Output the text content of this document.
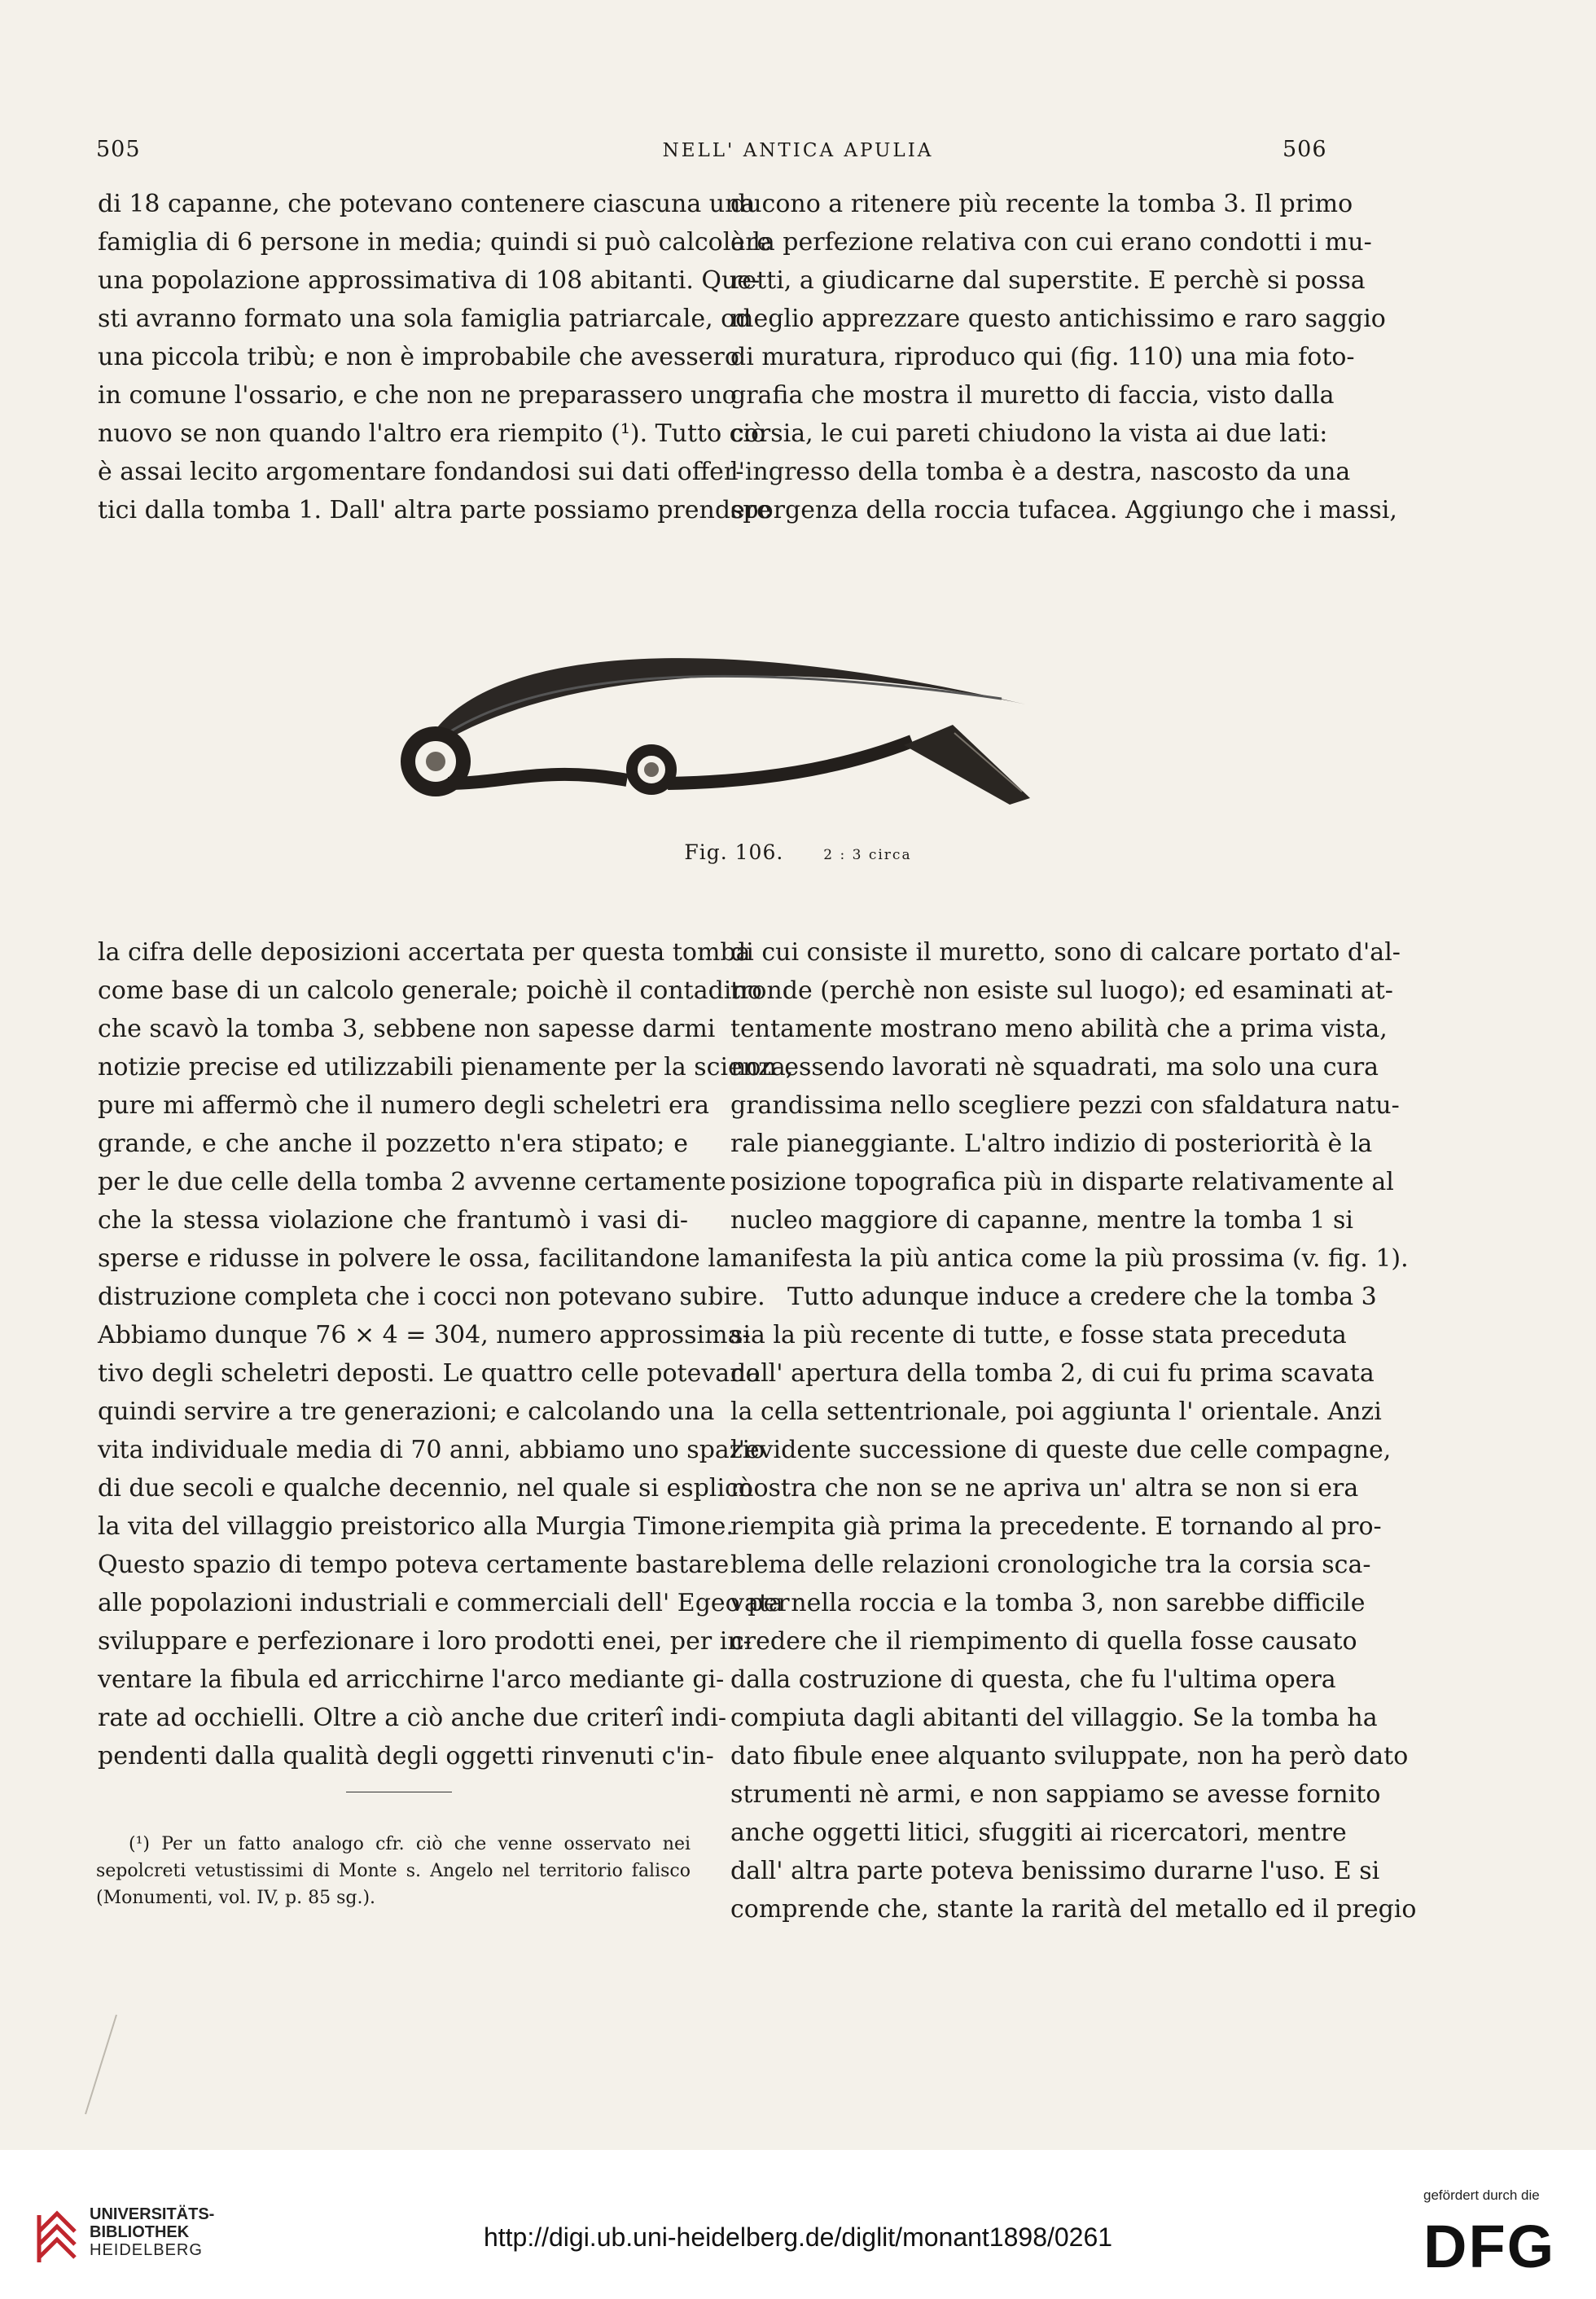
505	NELL' ANTICA APULIA	506
di 18 capanne, che potevano contenere ciascuna una
famiglia di 6 persone in media; quindi si può calcolare
una popolazione approssimativa di 108 abitanti. Que-
sti avranno formato una sola famiglia patriarcale, od
una piccola tribù; e non è improbabile che avessero
in comune l'ossario, e che non ne preparassero uno
nuovo se non quando l'altro era riempito (¹). Tutto ciò
è assai lecito argomentare fondandosi sui dati offer-
tici dalla tomba 1. Dall' altra parte possiamo prendere
ducono a ritenere più recente la tomba 3. Il primo
è la perfezione relativa con cui erano condotti i mu-
retti, a giudicarne dal superstite. E perchè si possa
meglio apprezzare questo antichissimo e raro saggio
di muratura, riproduco qui (fig. 110) una mia foto-
grafia che mostra il muretto di faccia, visto dalla
corsia, le cui pareti chiudono la vista ai due lati:
l'ingresso della tomba è a destra, nascosto da una
sporgenza della roccia tufacea. Aggiungo che i massi,
Fig. 106.	2 : 3 circa
la cifra delle deposizioni accertata per questa tomba
come base di un calcolo generale; poichè il contadino
che scavò la tomba 3, sebbene non sapesse darmi
notizie precise ed utilizzabili pienamente per la scienza,
pure mi affermò che il numero degli scheletri era
grande, e che anche il pozzetto n'era stipato; e
per le due celle della tomba 2 avvenne certamente
che la stessa violazione che frantumò i vasi di-
sperse e ridusse in polvere le ossa, facilitandone la
distruzione completa che i cocci non potevano subire.
Abbiamo dunque 76 × 4 = 304, numero approssima-
tivo degli scheletri deposti. Le quattro celle potevano
quindi servire a tre generazioni; e calcolando una
vita individuale media di 70 anni, abbiamo uno spazio
di due secoli e qualche decennio, nel quale si esplicò
la vita del villaggio preistorico alla Murgia Timone.
Questo spazio di tempo poteva certamente bastare
alle popolazioni industriali e commerciali dell' Egeo per
sviluppare e perfezionare i loro prodotti enei, per in-
ventare la fibula ed arricchirne l'arco mediante gi-
rate ad occhielli. Oltre a ciò anche due criterî indi-
pendenti dalla qualità degli oggetti rinvenuti c'in-
di cui consiste il muretto, sono di calcare portato d'al-
tronde (perchè non esiste sul luogo); ed esaminati at-
tentamente mostrano meno abilità che a prima vista,
non essendo lavorati nè squadrati, ma solo una cura
grandissima nello scegliere pezzi con sfaldatura natu-
rale pianeggiante. L'altro indizio di posteriorità è la
posizione topografica più in disparte relativamente al
nucleo maggiore di capanne, mentre la tomba 1 si
manifesta la più antica come la più prossima (v. fig. 1).
Tutto adunque induce a credere che la tomba 3
sia la più recente di tutte, e fosse stata preceduta
dall' apertura della tomba 2, di cui fu prima scavata
la cella settentrionale, poi aggiunta l' orientale. Anzi
l'evidente successione di queste due celle compagne,
mostra che non se ne apriva un' altra se non si era
riempita già prima la precedente. E tornando al pro-
blema delle relazioni cronologiche tra la corsia sca-
vata nella roccia e la tomba 3, non sarebbe difficile
credere che il riempimento di quella fosse causato
dalla costruzione di questa, che fu l'ultima opera
compiuta dagli abitanti del villaggio. Se la tomba ha
dato fibule enee alquanto sviluppate, non ha però dato
strumenti nè armi, e non sappiamo se avesse fornito
anche oggetti litici, sfuggiti ai ricercatori, mentre
dall' altra parte poteva benissimo durarne l'uso. E si
comprende che, stante la rarità del metallo ed il pregio
(¹) Per un fatto analogo cfr. ciò che venne osservato nei
sepolcreti vetustissimi di Monte s. Angelo nel territorio falisco
(Monumenti, vol. IV, p. 85 sg.).
UNIVERSITÄTS-
BIBLIOTHEK
HEIDELBERG	http://digi.ub.uni-heidelberg.de/diglit/monant1898/0261
gefördert durch die
DFG
